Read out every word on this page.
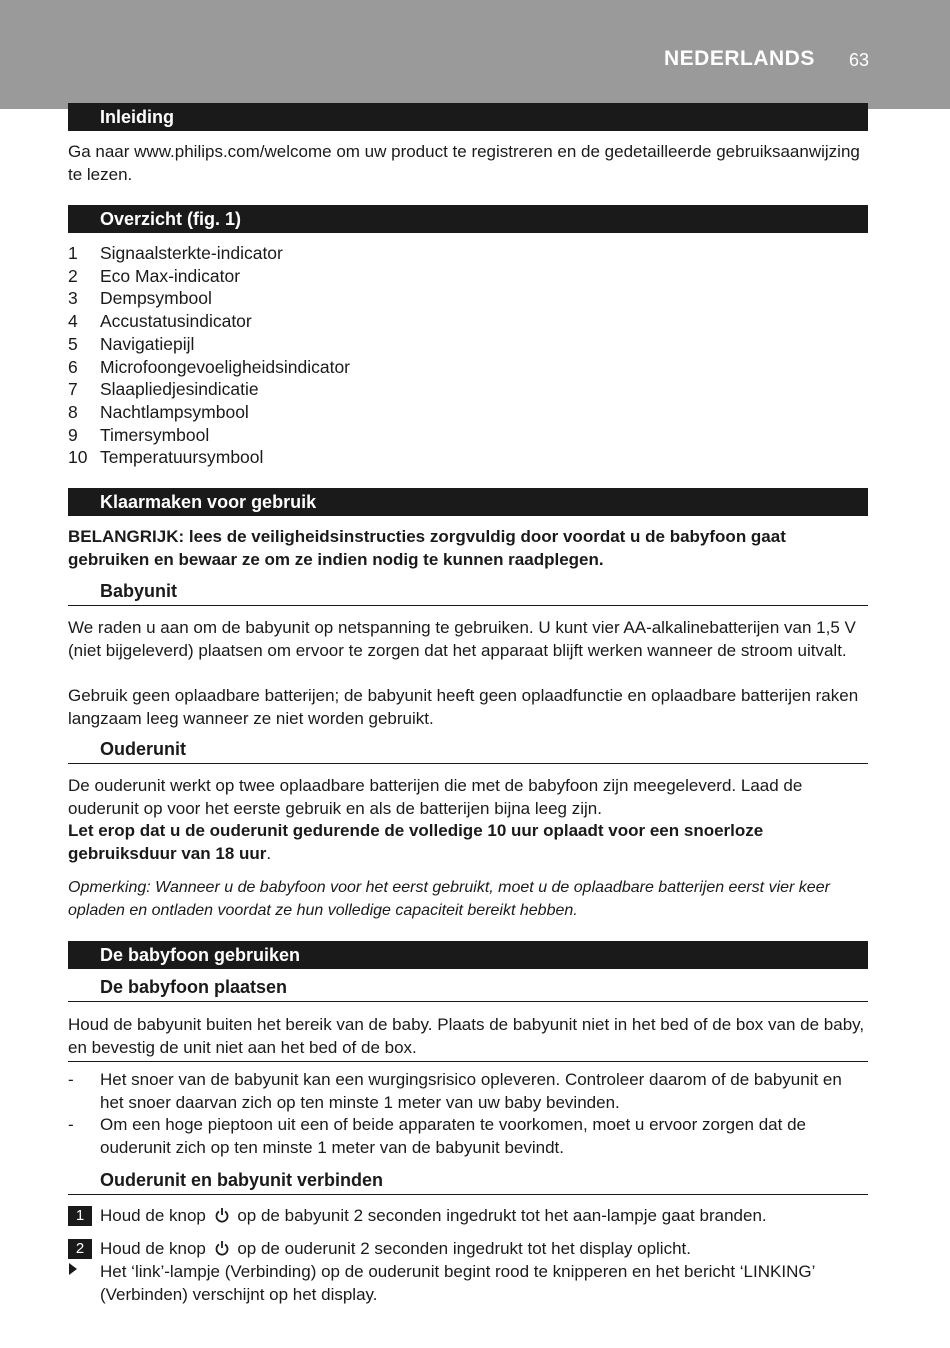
NEDERLANDS 63
Inleiding

Ga naar www.philips.com/welcome om uw product te registreren en de gedetailleerde gebruiksaanwijzing te lezen.

Overzicht (fig. 1)
1	Signaalsterkte-indicator
2	Eco Max-indicator
3	Dempsymbool
4	Accustatusindicator
5	Navigatiepijl
6	Microfoongevoeligheidsindicator
7	Slaapliedjesindicatie
8	Nachtlampsymbool
9	Timersymbool
10 Temperatuursymbool
Klaarmaken voor gebruik

BELANGRIJK: lees de veiligheidsinstructies zorgvuldig door voordat u de babyfoon gaat gebruiken en bewaar ze om ze indien nodig te kunnen raadplegen.

Babyunit

We raden u aan om de babyunit op netspanning te gebruiken. U kunt vier AA-alkalinebatterijen van 1,5 V (niet bijgeleverd) plaatsen om ervoor te zorgen dat het apparaat blijft werken wanneer de stroom uitvalt.

Gebruik geen oplaadbare batterijen; de babyunit heeft geen oplaadfunctie en oplaadbare batterijen raken langzaam leeg wanneer ze niet worden gebruikt.

Ouderunit

De ouderunit werkt op twee oplaadbare batterijen die met de babyfoon zijn meegeleverd. Laad de ouderunit op voor het eerste gebruik en als de batterijen bijna leeg zijn.

Let erop dat u de ouderunit gedurende de volledige 10 uur oplaadt voor een snoerloze gebruiksduur van 18 uur.

Opmerking: Wanneer u de babyfoon voor het eerst gebruikt, moet u de oplaadbare batterijen eerst vier keer opladen en ontladen voordat ze hun volledige capaciteit bereikt hebben.

De babyfoon gebruiken
De babyfoon plaatsen
Houd de babyunit buiten het bereik van de baby. Plaats de babyunit niet in het bed of de box van de baby, en bevestig de unit niet aan het bed of de box.
-	Het snoer van de babyunit kan een wurgingsrisico opleveren. Controleer daarom of de babyunit en het snoer daarvan zich op ten minste 1 meter van uw baby bevinden.
-	Om een hoge pieptoon uit een of beide apparaten te voorkomen, moet u ervoor zorgen dat de ouderunit zich op ten minste 1 meter van de babyunit bevindt.
Ouderunit en babyunit verbinden
1 Houd de knop op de babyunit 2 seconden ingedrukt tot het aan-lampje gaat branden.
2 Houd de knop op de ouderunit 2 seconden ingedrukt tot het display oplicht.
Het ‘link’-lampje (Verbinding) op de ouderunit begint rood te knipperen en het bericht ‘LINKING’ (Verbinden) verschijnt op het display.
